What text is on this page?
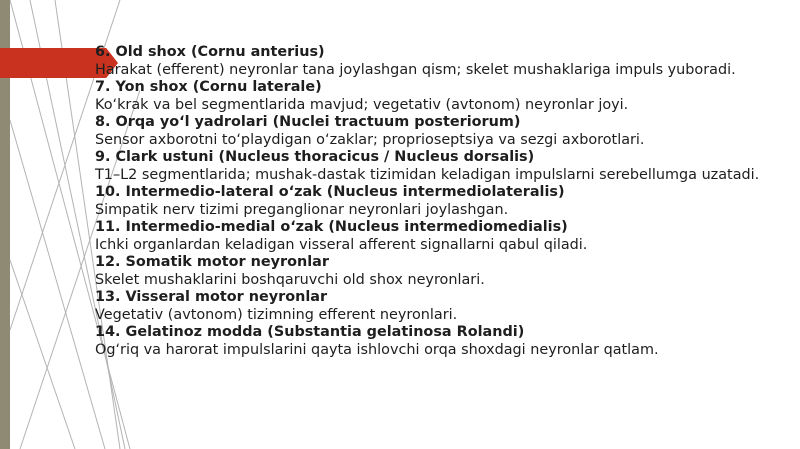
6. Old shox (Cornu anterius)

Harakat (efferent) neyronlar tana joylashgan qism; skelet mushaklariga impuls yuboradi.

7. Yon shox (Cornu laterale)

Ko‘krak va bel segmentlarida mavjud; vegetativ (avtonom) neyronlar joyi.

8. Orqa yo‘l yadrolari (Nuclei tractuum posteriorum)

Sensor axborotni to‘playdigan o‘zaklar; proprioseptsiya va sezgi axborotlari.

9. Clark ustuni (Nucleus thoracicus / Nucleus dorsalis)

T1–L2 segmentlarida; mushak-dastak tizimidan keladigan impulslarni serebellumga uzatadi.

10. Intermedio-lateral o‘zak (Nucleus intermediolateralis)

Simpatik nerv tizimi preganglionar neyronlari joylashgan.

11. Intermedio-medial o‘zak (Nucleus intermediomedialis)

Ichki organlardan keladigan visseral afferent signallarni qabul qiladi.

12. Somatik motor neyronlar

Skelet mushaklarini boshqaruvchi old shox neyronlari.

13. Visseral motor neyronlar

Vegetativ (avtonom) tizimning efferent neyronlari.

14. Gelatinoz modda (Substantia gelatinosa Rolandi)

Og‘riq va harorat impulslarini qayta ishlovchi orqa shoxdagi neyronlar qatlam.
